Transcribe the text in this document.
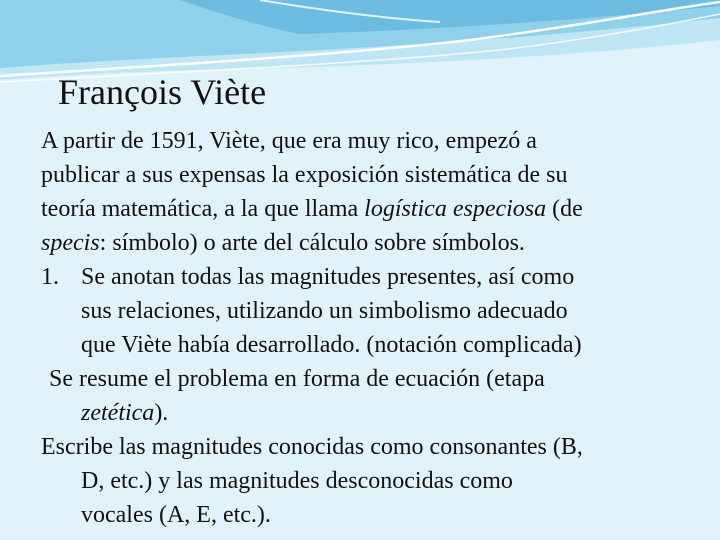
François Viète
A partir de 1591, Viète, que era muy rico, empezó a
publicar a sus expensas la exposición sistemática de su
teoría matemática, a la que llama logística especiosa (de
specis: símbolo) o arte del cálculo sobre símbolos.
1. Se anotan todas las magnitudes presentes, así como
sus relaciones, utilizando un simbolismo adecuado
que Viète había desarrollado. (notación complicada)
Se resume el problema en forma de ecuación (etapa
zetética).
Escribe las magnitudes conocidas como consonantes (B,
D, etc.) y las magnitudes desconocidas como
vocales (A, E, etc.).
